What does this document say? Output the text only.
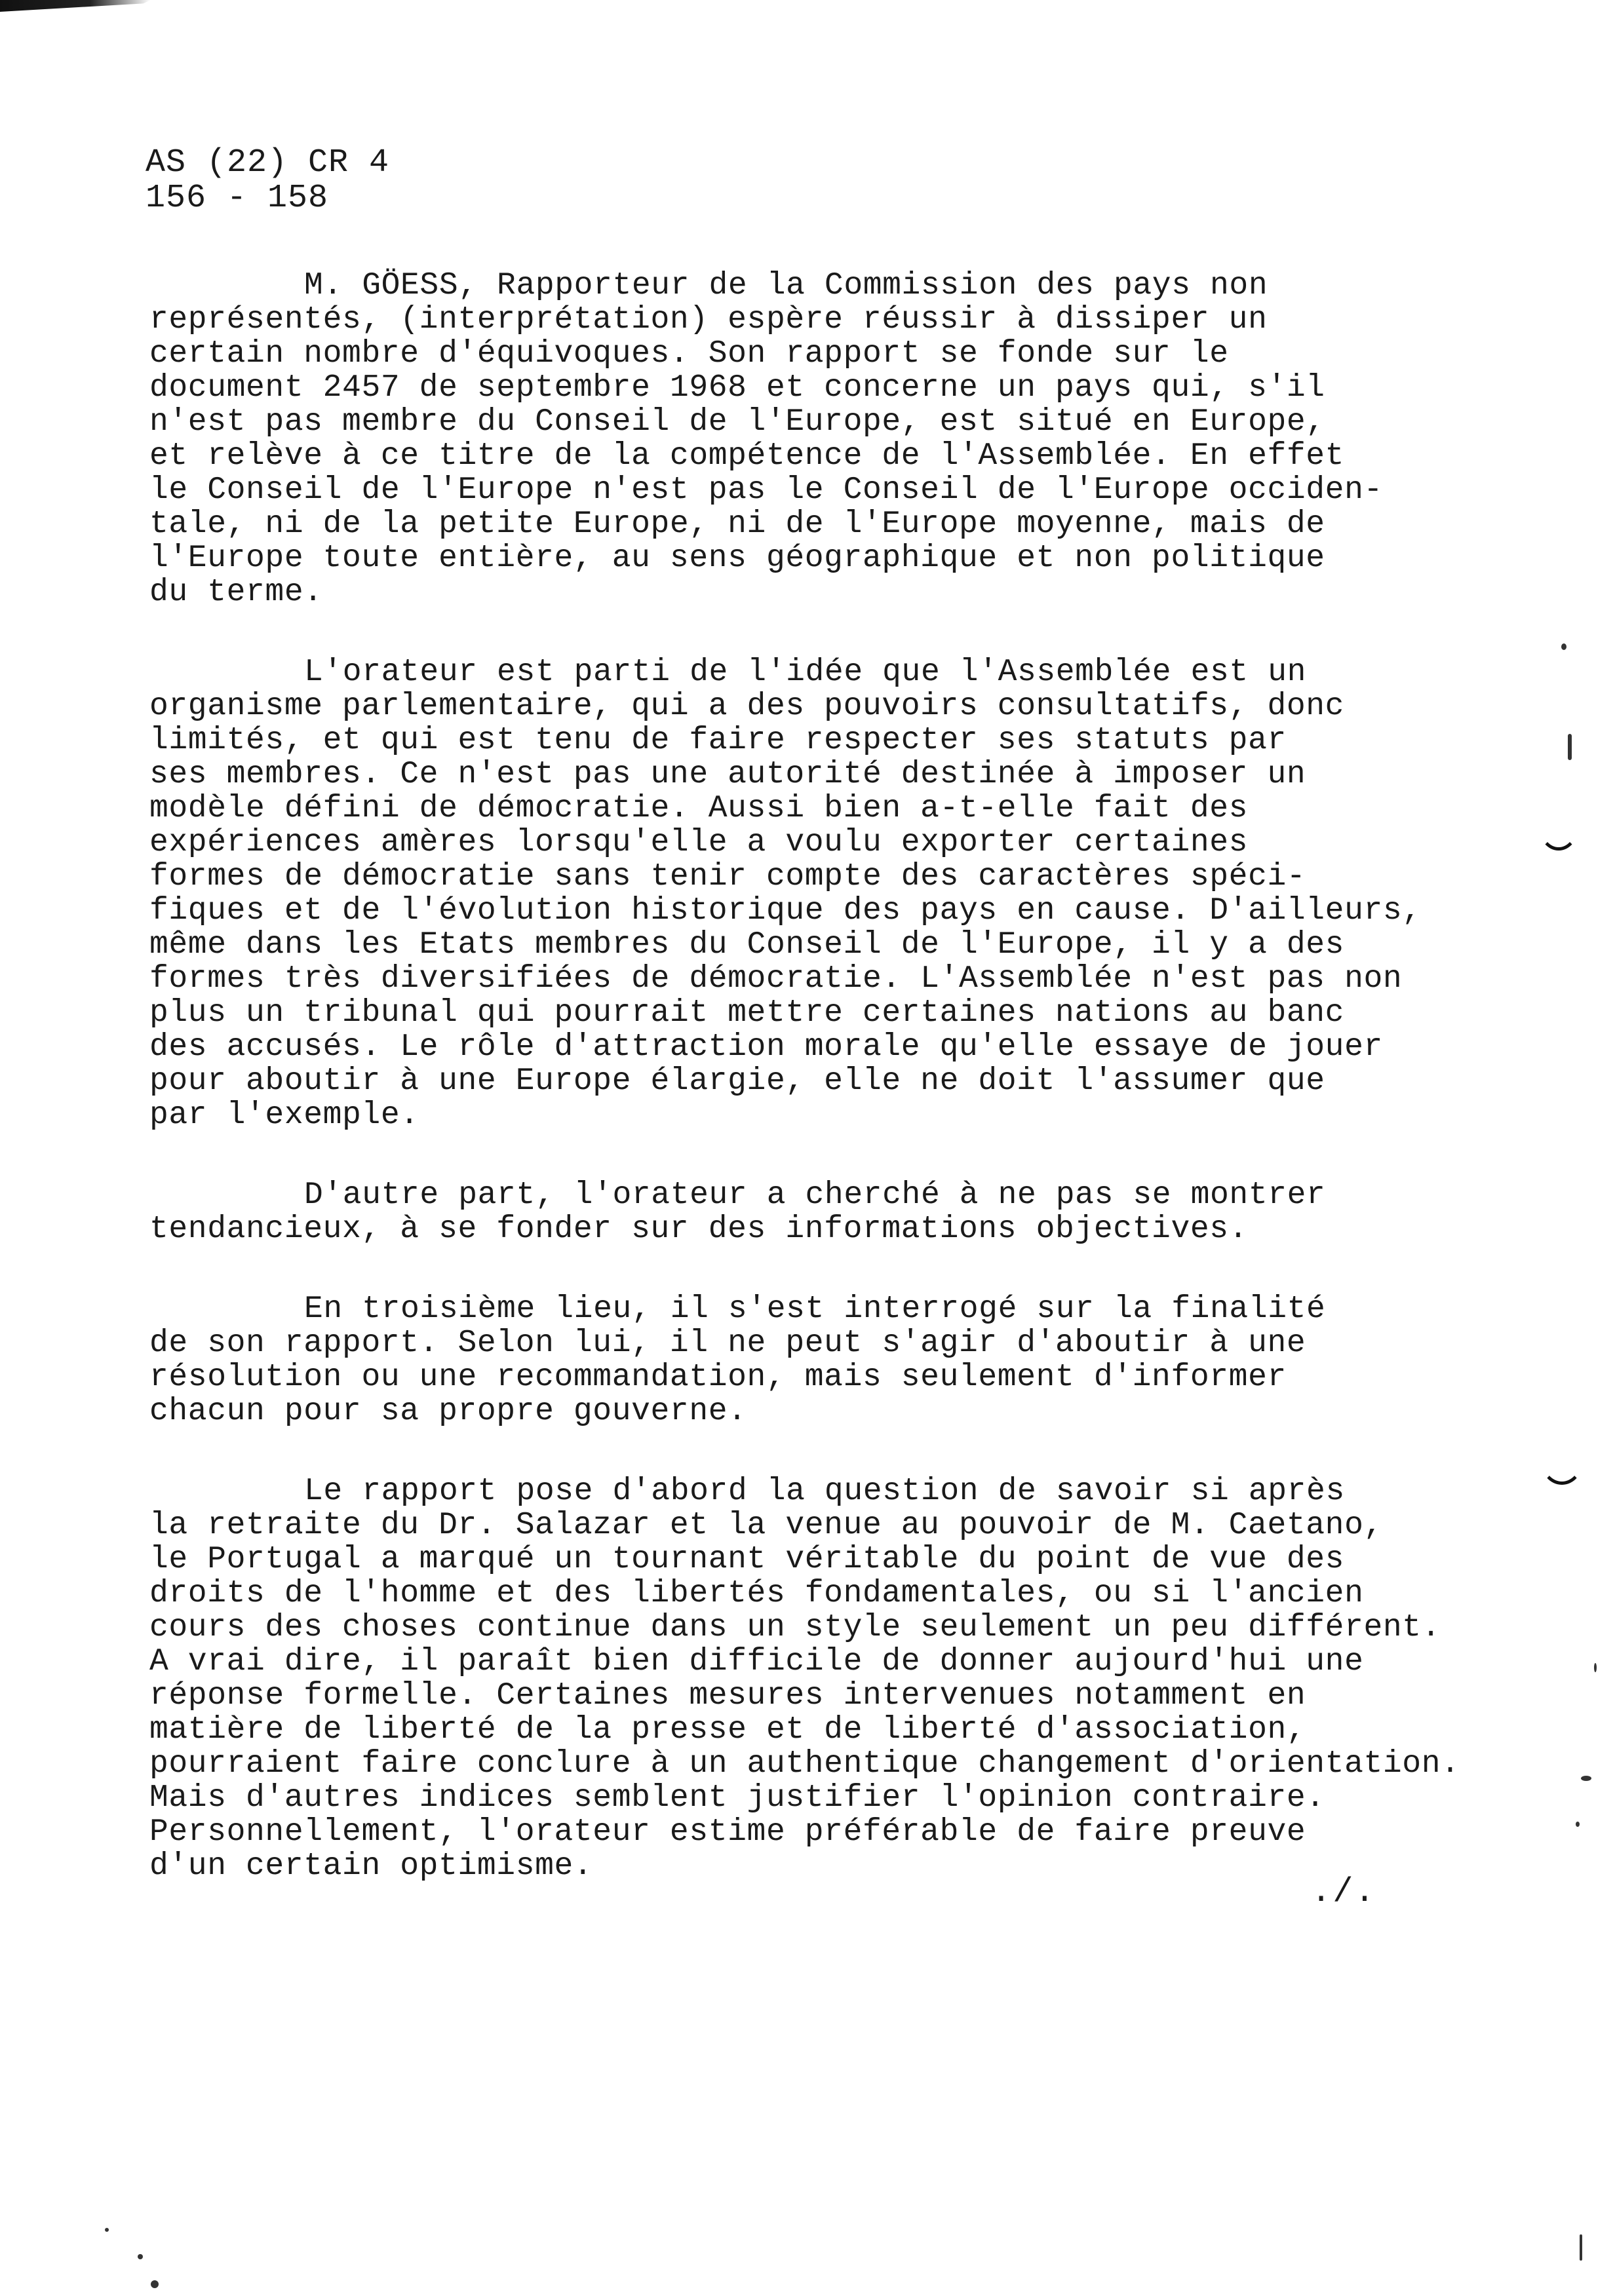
AS (22) CR 4
156 - 158
M. GÖESS, Rapporteur de la Commission des pays non
représentés, (interprétation) espère réussir à dissiper un
certain nombre d'équivoques. Son rapport se fonde sur le
document 2457 de septembre 1968 et concerne un pays qui, s'il
n'est pas membre du Conseil de l'Europe, est situé en Europe,
et relève à ce titre de la compétence de l'Assemblée. En effet
le Conseil de l'Europe n'est pas le Conseil de l'Europe occiden-
tale, ni de la petite Europe, ni de l'Europe moyenne, mais de
l'Europe toute entière, au sens géographique et non politique
du terme.
L'orateur est parti de l'idée que l'Assemblée est un
organisme parlementaire, qui a des pouvoirs consultatifs, donc
limités, et qui est tenu de faire respecter ses statuts par
ses membres. Ce n'est pas une autorité destinée à imposer un
modèle défini de démocratie. Aussi bien a-t-elle fait des
expériences amères lorsqu'elle a voulu exporter certaines
formes de démocratie sans tenir compte des caractères spéci-
fiques et de l'évolution historique des pays en cause. D'ailleurs,
même dans les Etats membres du Conseil de l'Europe, il y a des
formes très diversifiées de démocratie. L'Assemblée n'est pas non
plus un tribunal qui pourrait mettre certaines nations au banc
des accusés. Le rôle d'attraction morale qu'elle essaye de jouer
pour aboutir à une Europe élargie, elle ne doit l'assumer que
par l'exemple.
D'autre part, l'orateur a cherché à ne pas se montrer
tendancieux, à se fonder sur des informations objectives.
En troisième lieu, il s'est interrogé sur la finalité
de son rapport. Selon lui, il ne peut s'agir d'aboutir à une
résolution ou une recommandation, mais seulement d'informer
chacun pour sa propre gouverne.
Le rapport pose d'abord la question de savoir si après
la retraite du Dr. Salazar et la venue au pouvoir de M. Caetano,
le Portugal a marqué un tournant véritable du point de vue des
droits de l'homme et des libertés fondamentales, ou si l'ancien
cours des choses continue dans un style seulement un peu différent.
A vrai dire, il paraît bien difficile de donner aujourd'hui une
réponse formelle. Certaines mesures intervenues notamment en
matière de liberté de la presse et de liberté d'association,
pourraient faire conclure à un authentique changement d'orientation.
Mais d'autres indices semblent justifier l'opinion contraire.
Personnellement, l'orateur estime préférable de faire preuve
d'un certain optimisme.
./.
